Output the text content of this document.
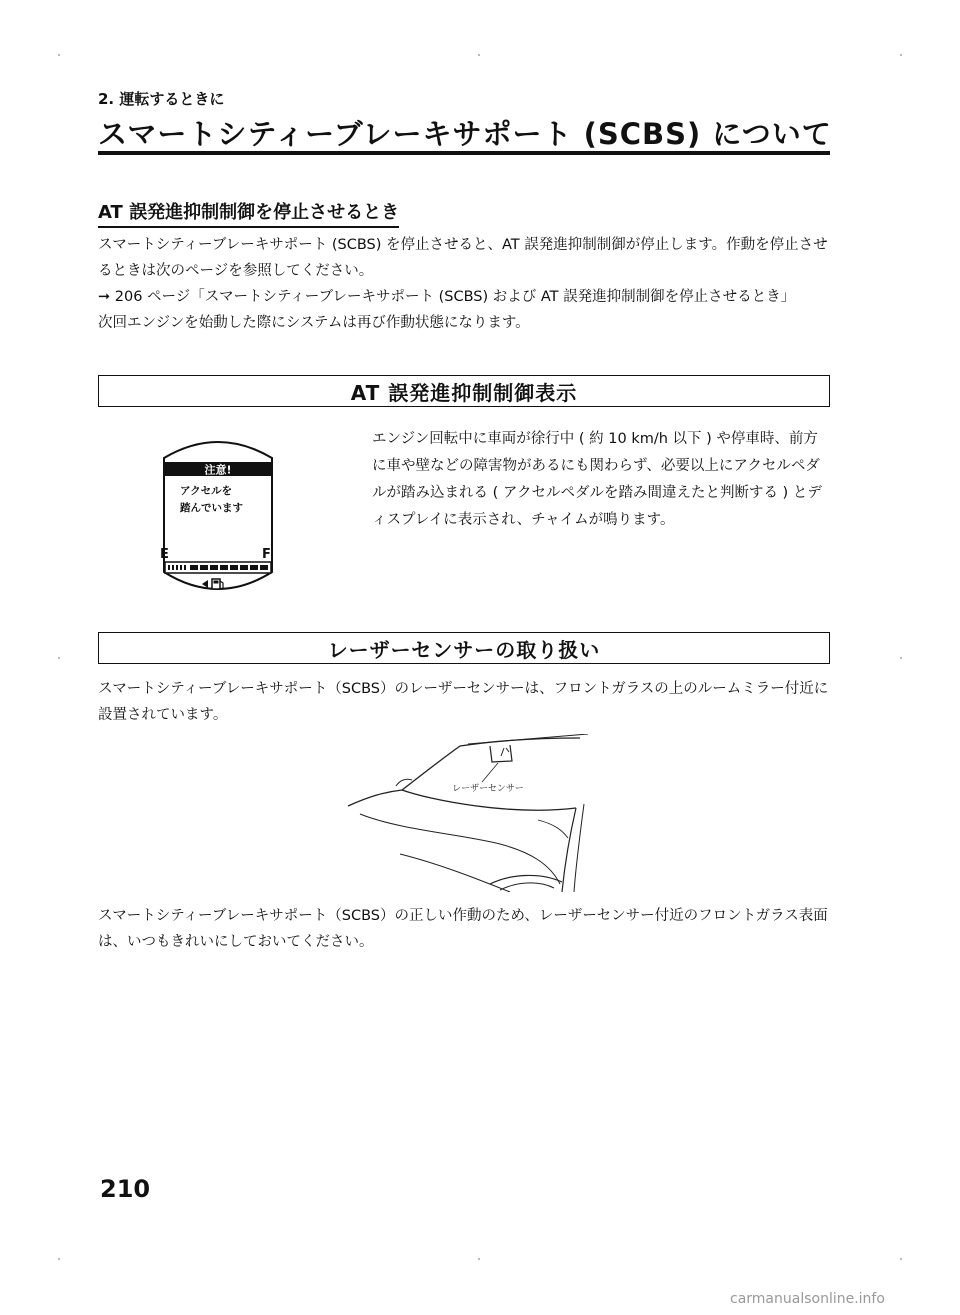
2. 運転するときに
スマートシティーブレーキサポート (SCBS) について
AT 誤発進抑制制御を停止させるとき

スマートシティーブレーキサポート (SCBS) を停止させると、AT 誤発進抑制制御が停止します。作動を停止させるときは次のページを参照してください。

➞ 206 ページ「スマートシティーブレーキサポート (SCBS) および AT 誤発進抑制制御を停止させるとき」

次回エンジンを始動した際にシステムは再び作動状態になります。

AT 誤発進抑制制御表示
注意!
アクセルを
踏んでいます
E	F
エンジン回転中に車両が徐行中 ( 約 10 km/h 以下 ) や停車時、前方に車や壁などの障害物があるにも関わらず、必要以上にアクセルペダルが踏み込まれる ( アクセルペダルを踏み間違えたと判断する ) とディスプレイに表示され、チャイムが鳴ります。
レーザーセンサーの取り扱い
スマートシティーブレーキサポート（SCBS）のレーザーセンサーは、フロントガラスの上のルームミラー付近に設置されています。
レーザーセンサー
スマートシティーブレーキサポート（SCBS）の正しい作動のため、レーザーセンサー付近のフロントガラス表面は、いつもきれいにしておいてください。
210
carmanualsonline.info
